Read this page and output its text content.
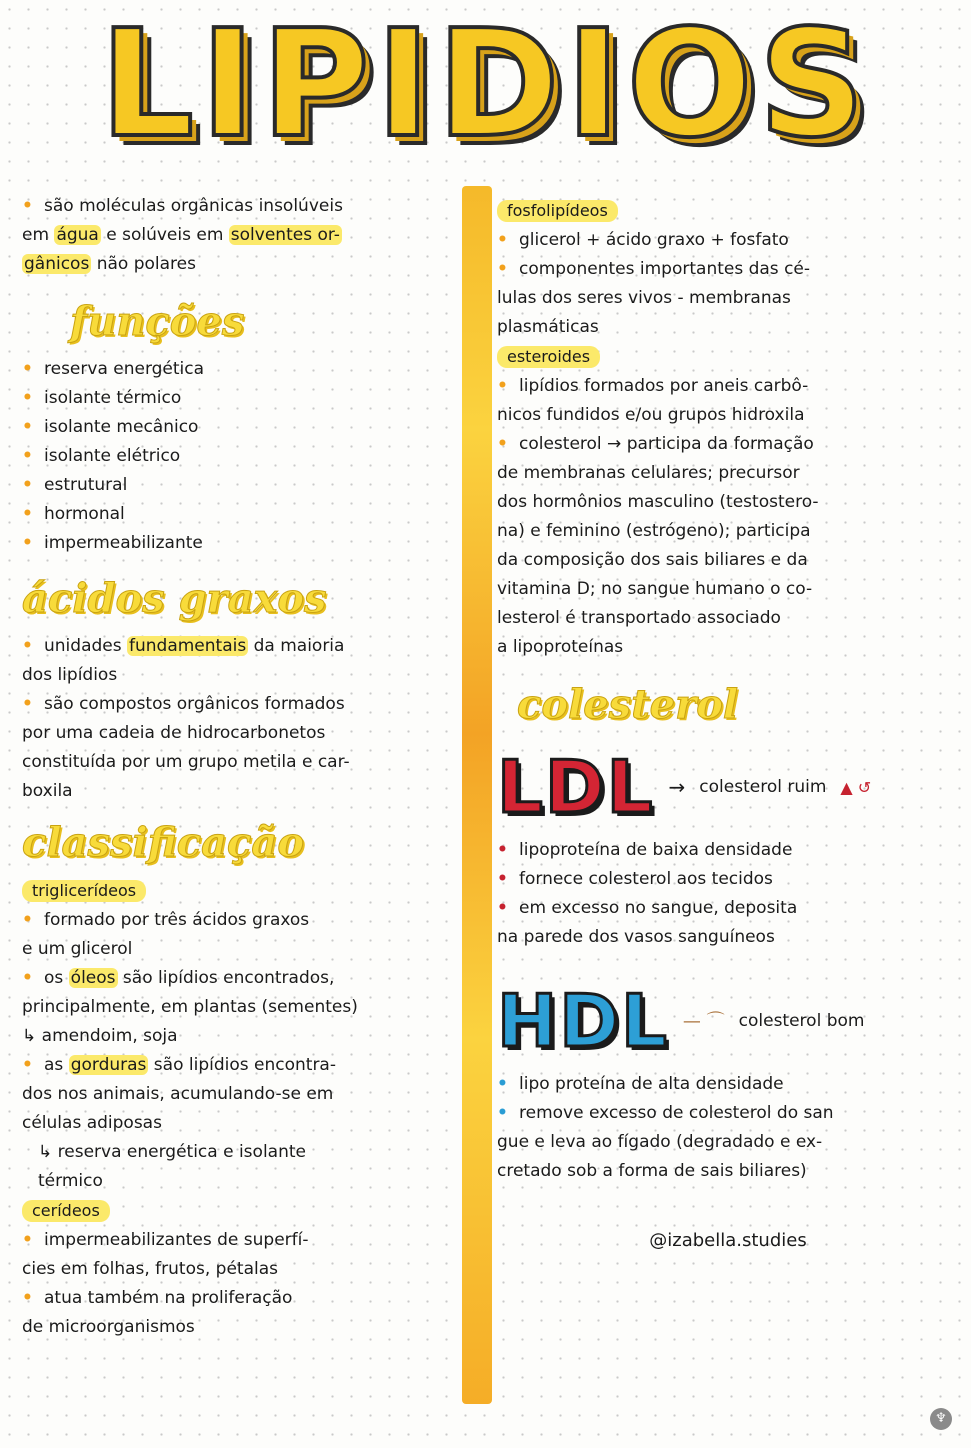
LIPIDIOS
• são moléculas orgânicas insolúveis
em água e solúveis em solventes or-
gânicos não polares
funções
• reserva energética
• isolante térmico
• isolante mecânico
• isolante elétrico
• estrutural
• hormonal
• impermeabilizante
ácidos graxos
• unidades fundamentais da maioria
dos lipídios
• são compostos orgânicos formados
por uma cadeia de hidrocarbonetos
constituída por um grupo metila e car-
boxila
classificação
triglicerídeos
• formado por três ácidos graxos
e um glicerol
• os óleos são lipídios encontrados,
principalmente, em plantas (sementes)
↳ amendoim, soja
• as gorduras são lipídios encontra-
dos nos animais, acumulando-se em
células adiposas
↳ reserva energética e isolante
térmico
cerídeos
• impermeabilizantes de superfí-
cies em folhas, frutos, pétalas
• atua também na proliferação
de microorganismos
fosfolipídeos
• glicerol + ácido graxo + fosfato
• componentes importantes das cé-
lulas dos seres vivos - membranas
plasmáticas
esteroides
• lipídios formados por aneis carbô-
nicos fundidos e/ou grupos hidroxila
• colesterol → participa da formação
de membranas celulares; precursor
dos hormônios masculino (testostero-
na) e feminino (estrógeno); participa
da composição dos sais biliares e da
vitamina D; no sangue humano o co-
lesterol é transportado associado
a lipoproteínas
colesterol
LDL → colesterol ruim ▲ ↺
• lipoproteína de baixa densidade
• fornece colesterol aos tecidos
• em excesso no sangue, deposita
na parede dos vasos sanguíneos
HDL — ⌒ colesterol bom
• lipo proteína de alta densidade
• remove excesso de colesterol do san
gue e leva ao fígado (degradado e ex-
cretado sob a forma de sais biliares)
@izabella.studies
♆
